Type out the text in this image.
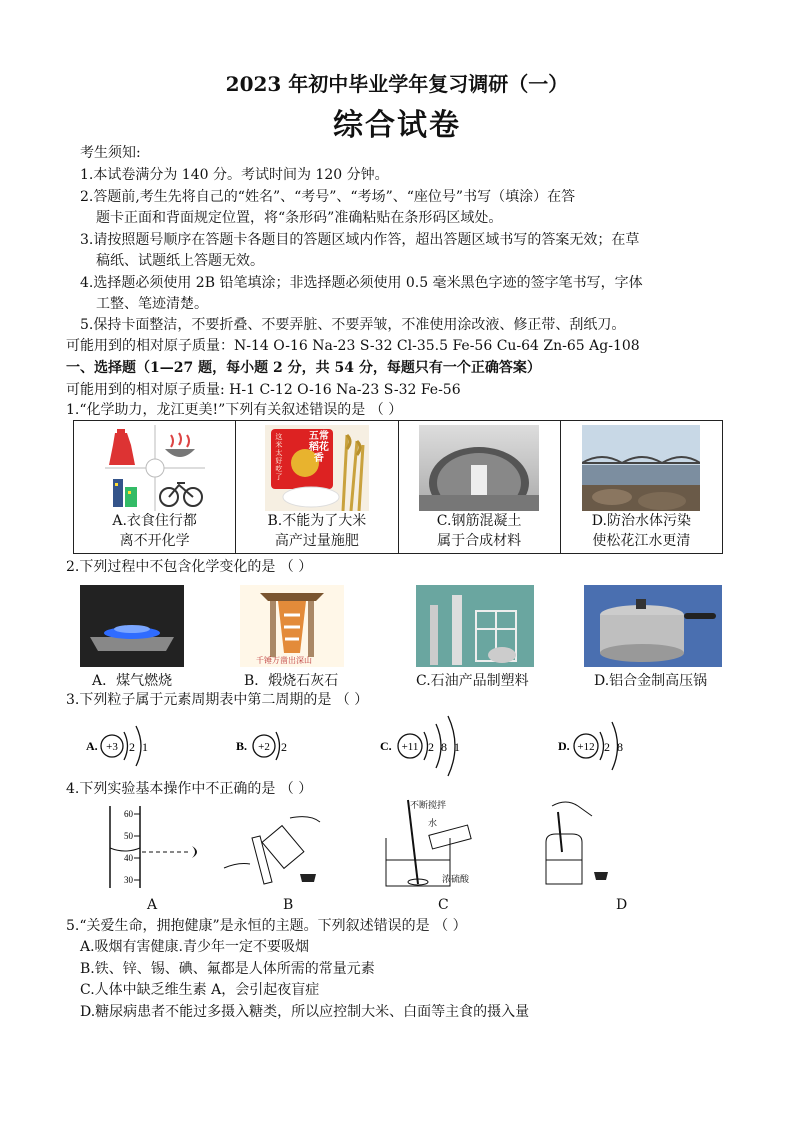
2023 年初中毕业学年复习调研（一）
综合试卷
考生须知:
1.本试卷满分为 140 分。考试时间为 120 分钟。
2.答题前,考生先将自己的“姓名”、“考号”、“考场”、“座位号”书写（填涂）在答
题卡正面和背面规定位置，将“条形码”准确粘贴在条形码区域处。
3.请按照题号顺序在答题卡各题目的答题区域内作答，超出答题区域书写的答案无效；在草
稿纸、试题纸上答题无效。
4.选择题必须使用 2B 铅笔填涂；非选择题必须使用 0.5 毫米黑色字迹的签字笔书写，字体
工整、笔迹清楚。
5.保持卡面整洁，不要折叠、不要弄脏、不要弄皱，不准使用涂改液、修正带、刮纸刀。
可能用到的相对原子质量：N-14 O-16 Na-23 S-32 Cl-35.5 Fe-56 Cu-64 Zn-65 Ag-108
一、选择题（1—27 题，每小题 2 分，共 54 分，每题只有一个正确答案）
可能用到的相对原子质量: H-1 C-12 O-16 Na-23 S-32 Fe-56
1.“化学助力，龙江更美!”下列有关叙述错误的是 （ ）
A.衣食住行都
离不开化学

五常稻花香
这米太好吃了
B.不能为了大米
高产过量施肥

C.钢筋混凝土
属于合成材料

D.防治水体污染
使松花江水更清
2.下列过程中不包含化学变化的是 （ ）
千锤万凿出深山
A．煤气燃烧	B．煅烧石灰石	C.石油产品制塑料	D.铝合金制高压锅
3.下列粒子属于元素周期表中第二周期的是 （ ）
A. +3 2 1	B. +2 2	C. +11 2 8 1	D. +12 2 8
4.下列实验基本操作中不正确的是 （ ）
60
50
40
30
不断搅拌
水
浓硫酸
A	B	C	D
5.“关爱生命，拥抱健康”是永恒的主题。下列叙述错误的是 （ ）
A.吸烟有害健康.青少年一定不要吸烟
B.铁、锌、锡、碘、氟都是人体所需的常量元素
C.人体中缺乏维生素 A，会引起夜盲症
D.糖尿病患者不能过多摄入糖类，所以应控制大米、白面等主食的摄入量
